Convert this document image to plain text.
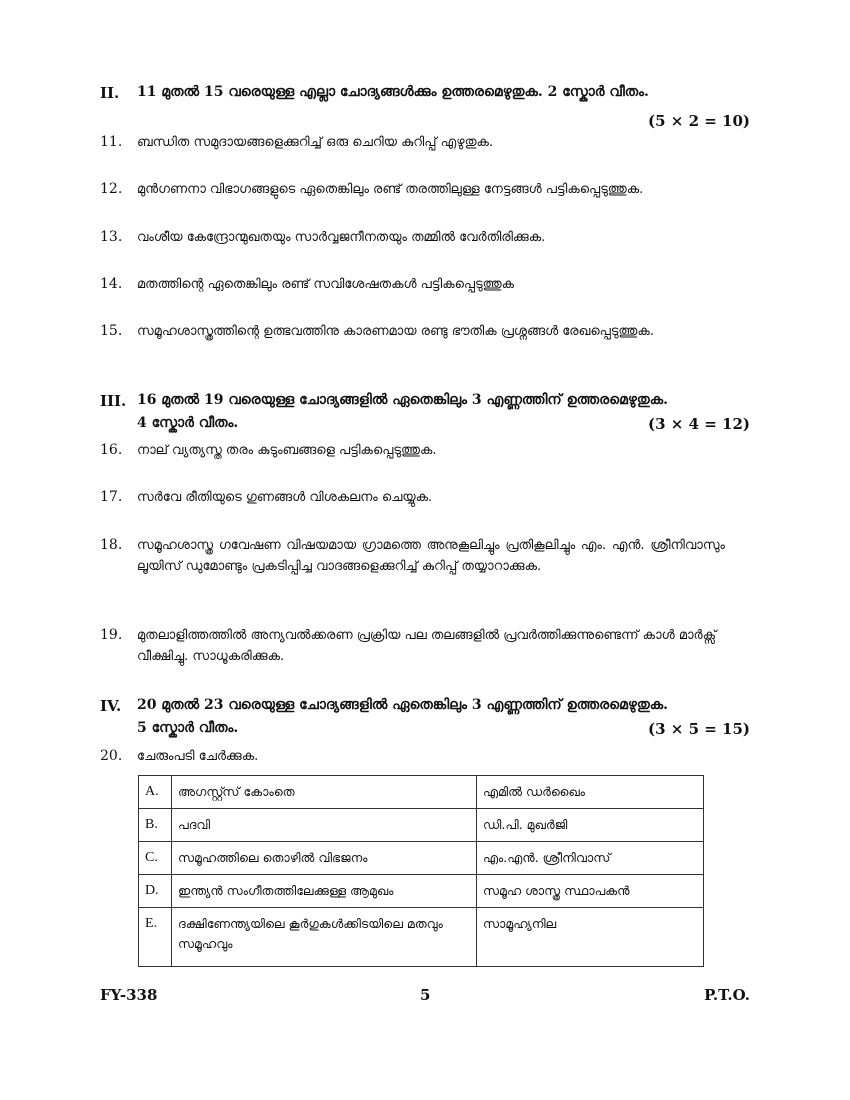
II.	11 മുതൽ 15 വരെയുള്ള എല്ലാ ചോദ്യങ്ങൾക്കും ഉത്തരമെഴുതുക. 2 സ്കോർ വീതം.
(5 × 2 = 10)
11. ബന്ധിത സമുദായങ്ങളെക്കുറിച്ച് ഒരു ചെറിയ കുറിപ്പ് എഴുതുക.
12. മുൻഗണനാ വിഭാഗങ്ങളുടെ ഏതെങ്കിലും രണ്ട് തരത്തിലുള്ള നേട്ടങ്ങൾ പട്ടികപ്പെടുത്തുക.
13. വംശീയ കേന്ദ്രോന്മുഖതയും സാർവ്വജനീനതയും തമ്മിൽ വേർതിരിക്കുക.
14. മതത്തിന്റെ ഏതെങ്കിലും രണ്ട് സവിശേഷതകൾ പട്ടികപ്പെടുത്തുക
15. സമൂഹശാസ്ത്രത്തിന്റെ ഉത്ഭവത്തിനു കാരണമായ രണ്ടു ഭൗതിക പ്രശ്നങ്ങൾ രേഖപ്പെടുത്തുക.
III. 16 മുതൽ 19 വരെയുള്ള ചോദ്യങ്ങളിൽ ഏതെങ്കിലും 3 എണ്ണത്തിന് ഉത്തരമെഴുതുക.
4 സ്കോർ വീതം.	(3 × 4 = 12)
16. നാല് വ്യത്യസ്ത തരം കുടുംബങ്ങളെ പട്ടികപ്പെടുത്തുക.
17. സർവേ രീതിയുടെ ഗുണങ്ങൾ വിശകലനം ചെയ്യുക.
18. സമൂഹശാസ്ത്ര ഗവേഷണ വിഷയമായ ഗ്രാമത്തെ അനുകൂലിച്ചും പ്രതികൂലിച്ചും എം. എൻ. ശ്രീനിവാസും ലൂയിസ് ഡുമോണ്ടും പ്രകടിപ്പിച്ച വാദങ്ങളെക്കുറിച്ച് കുറിപ്പ് തയ്യാറാക്കുക.
19. മുതലാളിത്തത്തിൽ അന്യവൽക്കരണ പ്രക്രിയ പല തലങ്ങളിൽ പ്രവർത്തിക്കുന്നുണ്ടെന്ന് കാൾ മാർക്സ് വീക്ഷിച്ചു. സാധൂകരിക്കുക.
IV.	20 മുതൽ 23 വരെയുള്ള ചോദ്യങ്ങളിൽ ഏതെങ്കിലും 3 എണ്ണത്തിന് ഉത്തരമെഴുതുക.
5 സ്കോർ വീതം.	(3 × 5 = 15)
20. ചേരുംപടി ചേർക്കുക.
A.	അഗസ്റ്റ്സ് കോംതെ	എമിൽ ഡർഖൈം
B.	പദവി	ഡി.പി. മുഖർജി
C.	സമൂഹത്തിലെ തൊഴിൽ വിഭജനം	എം.എൻ. ശ്രീനിവാസ്
D.	ഇന്ത്യൻ സംഗീതത്തിലേക്കുള്ള ആമുഖം	സമൂഹ ശാസ്ത്ര സ്ഥാപകൻ
E.	ദക്ഷിണേന്ത്യയിലെ കൂർഗുകൾക്കിടയിലെ മതവും സമൂഹവും	സാമൂഹ്യനില
FY-338	5	P.T.O.
